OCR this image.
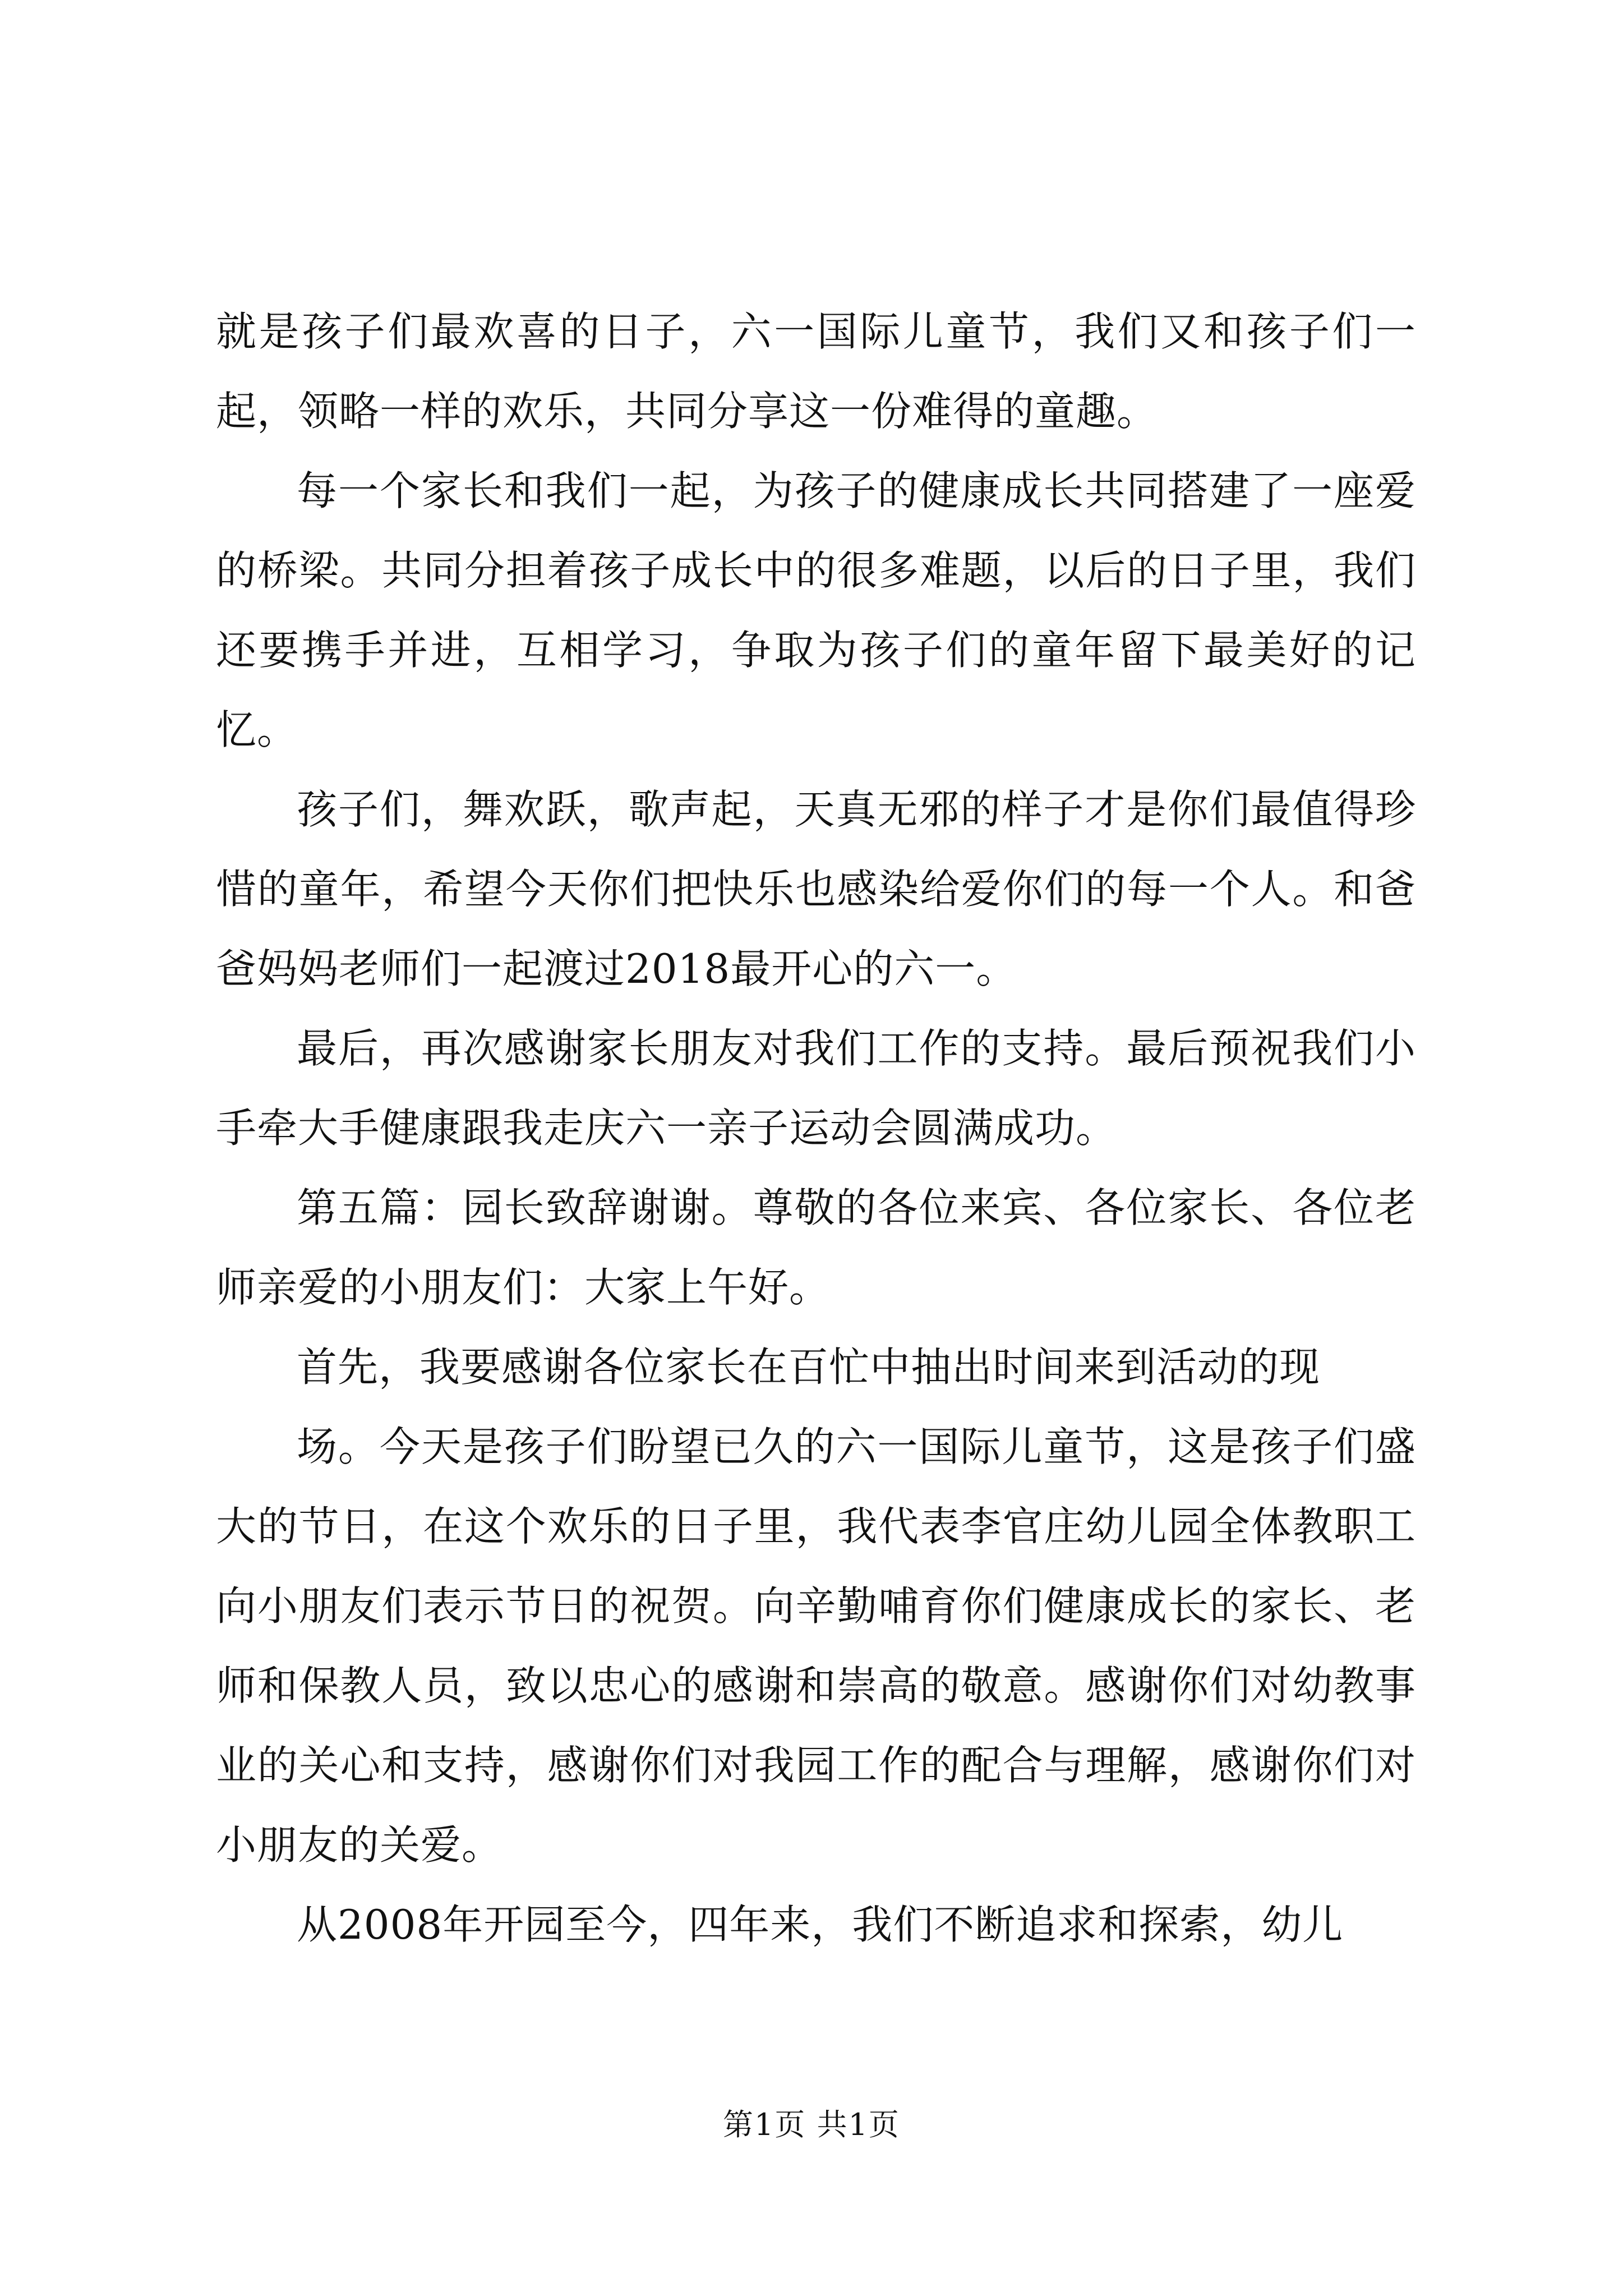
就是孩子们最欢喜的日子，六一国际儿童节，我们又和孩子们一起，领略一样的欢乐，共同分享这一份难得的童趣。

每一个家长和我们一起，为孩子的健康成长共同搭建了一座爱的桥梁。共同分担着孩子成长中的很多难题，以后的日子里，我们还要携手并进，互相学习，争取为孩子们的童年留下最美好的记忆。

孩子们，舞欢跃，歌声起，天真无邪的样子才是你们最值得珍惜的童年，希望今天你们把快乐也感染给爱你们的每一个人。和爸爸妈妈老师们一起渡过2018最开心的六一。

最后，再次感谢家长朋友对我们工作的支持。最后预祝我们小手牵大手健康跟我走庆六一亲子运动会圆满成功。

第五篇：园长致辞谢谢。尊敬的各位来宾、各位家长、各位老师亲爱的小朋友们：大家上午好。

首先，我要感谢各位家长在百忙中抽出时间来到活动的现

场。今天是孩子们盼望已久的六一国际儿童节，这是孩子们盛大的节日，在这个欢乐的日子里，我代表李官庄幼儿园全体教职工向小朋友们表示节日的祝贺。向辛勤哺育你们健康成长的家长、老师和保教人员，致以忠心的感谢和崇高的敬意。感谢你们对幼教事业的关心和支持，感谢你们对我园工作的配合与理解，感谢你们对小朋友的关爱。

从2008年开园至今，四年来，我们不断追求和探索，幼儿

第1页 共1页
